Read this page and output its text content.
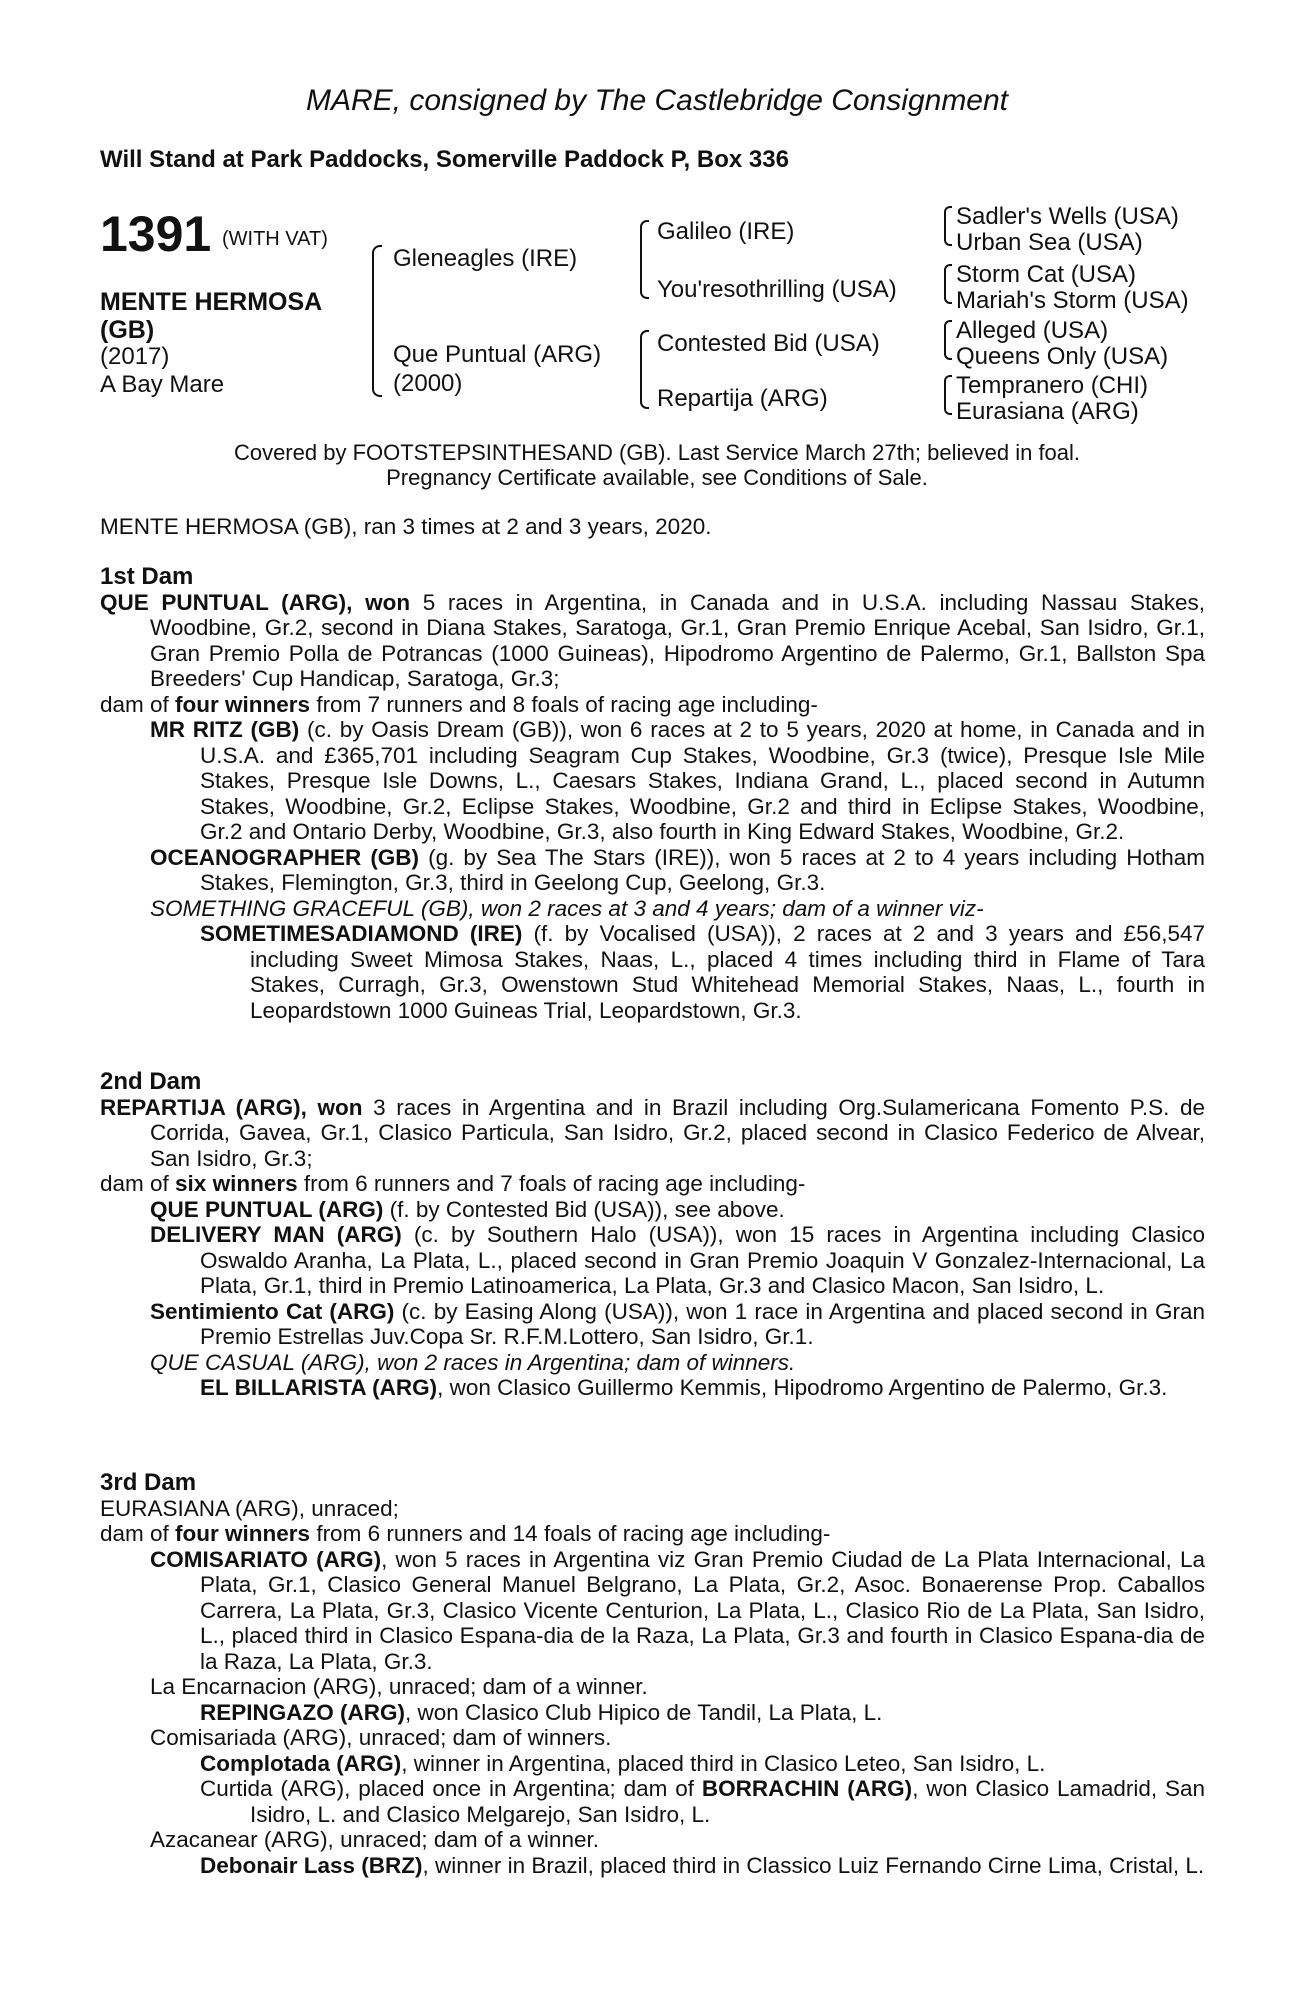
MARE, consigned by The Castlebridge Consignment
Will Stand at Park Paddocks, Somerville Paddock P, Box 336
1391 (WITH VAT)
MENTE HERMOSA
(GB)
(2017)
A Bay Mare
Gleneagles (IRE)
Que Puntual (ARG)
(2000)
Galileo (IRE)
You'resothrilling (USA)
Contested Bid (USA)
Repartija (ARG)
Sadler's Wells (USA)
Urban Sea (USA)
Storm Cat (USA)
Mariah's Storm (USA)
Alleged (USA)
Queens Only (USA)
Tempranero (CHI)
Eurasiana (ARG)
Covered by FOOTSTEPSINTHESAND (GB). Last Service March 27th; believed in foal.
Pregnancy Certificate available, see Conditions of Sale.
MENTE HERMOSA (GB), ran 3 times at 2 and 3 years, 2020.

1st Dam

QUE PUNTUAL (ARG), won 5 races in Argentina, in Canada and in U.S.A. including Nassau Stakes, Woodbine, Gr.2, second in Diana Stakes, Saratoga, Gr.1, Gran Premio Enrique Acebal, San Isidro, Gr.1, Gran Premio Polla de Potrancas (1000 Guineas), Hipodromo Argentino de Palermo, Gr.1, Ballston Spa Breeders' Cup Handicap, Saratoga, Gr.3;

dam of four winners from 7 runners and 8 foals of racing age including-

MR RITZ (GB) (c. by Oasis Dream (GB)), won 6 races at 2 to 5 years, 2020 at home, in Canada and in U.S.A. and £365,701 including Seagram Cup Stakes, Woodbine, Gr.3 (twice), Presque Isle Mile Stakes, Presque Isle Downs, L., Caesars Stakes, Indiana Grand, L., placed second in Autumn Stakes, Woodbine, Gr.2, Eclipse Stakes, Woodbine, Gr.2 and third in Eclipse Stakes, Woodbine, Gr.2 and Ontario Derby, Woodbine, Gr.3, also fourth in King Edward Stakes, Woodbine, Gr.2.

OCEANOGRAPHER (GB) (g. by Sea The Stars (IRE)), won 5 races at 2 to 4 years including Hotham Stakes, Flemington, Gr.3, third in Geelong Cup, Geelong, Gr.3.

SOMETHING GRACEFUL (GB), won 2 races at 3 and 4 years; dam of a winner viz-

SOMETIMESADIAMOND (IRE) (f. by Vocalised (USA)), 2 races at 2 and 3 years and £56,547 including Sweet Mimosa Stakes, Naas, L., placed 4 times including third in Flame of Tara Stakes, Curragh, Gr.3, Owenstown Stud Whitehead Memorial Stakes, Naas, L., fourth in Leopardstown 1000 Guineas Trial, Leopardstown, Gr.3.

2nd Dam

REPARTIJA (ARG), won 3 races in Argentina and in Brazil including Org.Sulamericana Fomento P.S. de Corrida, Gavea, Gr.1, Clasico Particula, San Isidro, Gr.2, placed second in Clasico Federico de Alvear, San Isidro, Gr.3;

dam of six winners from 6 runners and 7 foals of racing age including-

QUE PUNTUAL (ARG) (f. by Contested Bid (USA)), see above.

DELIVERY MAN (ARG) (c. by Southern Halo (USA)), won 15 races in Argentina including Clasico Oswaldo Aranha, La Plata, L., placed second in Gran Premio Joaquin V Gonzalez-Internacional, La Plata, Gr.1, third in Premio Latinoamerica, La Plata, Gr.3 and Clasico Macon, San Isidro, L.

Sentimiento Cat (ARG) (c. by Easing Along (USA)), won 1 race in Argentina and placed second in Gran Premio Estrellas Juv.Copa Sr. R.F.M.Lottero, San Isidro, Gr.1.

QUE CASUAL (ARG), won 2 races in Argentina; dam of winners.

EL BILLARISTA (ARG), won Clasico Guillermo Kemmis, Hipodromo Argentino de Palermo, Gr.3.

3rd Dam

EURASIANA (ARG), unraced;

dam of four winners from 6 runners and 14 foals of racing age including-

COMISARIATO (ARG), won 5 races in Argentina viz Gran Premio Ciudad de La Plata Internacional, La Plata, Gr.1, Clasico General Manuel Belgrano, La Plata, Gr.2, Asoc. Bonaerense Prop. Caballos Carrera, La Plata, Gr.3, Clasico Vicente Centurion, La Plata, L., Clasico Rio de La Plata, San Isidro, L., placed third in Clasico Espana-dia de la Raza, La Plata, Gr.3 and fourth in Clasico Espana-dia de la Raza, La Plata, Gr.3.

La Encarnacion (ARG), unraced; dam of a winner.

REPINGAZO (ARG), won Clasico Club Hipico de Tandil, La Plata, L.

Comisariada (ARG), unraced; dam of winners.

Complotada (ARG), winner in Argentina, placed third in Clasico Leteo, San Isidro, L.

Curtida (ARG), placed once in Argentina; dam of BORRACHIN (ARG), won Clasico Lamadrid, San Isidro, L. and Clasico Melgarejo, San Isidro, L.

Azacanear (ARG), unraced; dam of a winner.

Debonair Lass (BRZ), winner in Brazil, placed third in Classico Luiz Fernando Cirne Lima, Cristal, L.
